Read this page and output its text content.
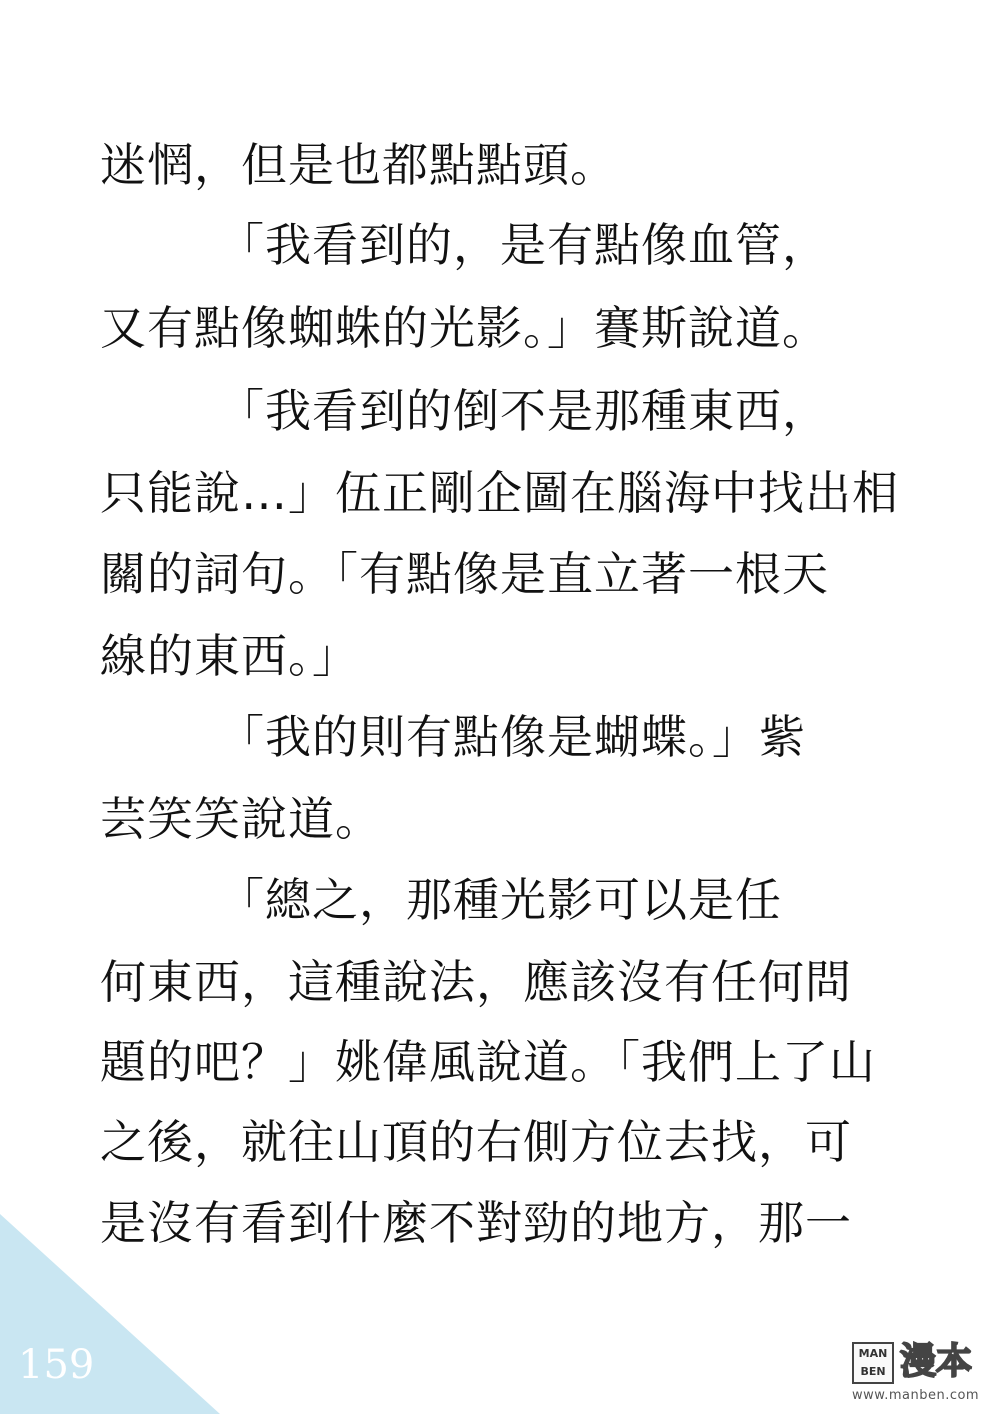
迷惘，但是也都點點頭。
　　　「我看到的，是有點像血管，
又有點像蜘蛛的光影。」賽斯說道。
　　　「我看到的倒不是那種東西，
只能說…」伍正剛企圖在腦海中找出相
關的詞句。「有點像是直立著一根天
線的東西。」
　　　「我的則有點像是蝴蝶。」紫
芸笑笑說道。
　　　「總之，那種光影可以是任
何東西，這種說法，應該沒有任何問
題的吧？」姚偉風說道。「我們上了山
之後，就往山頂的右側方位去找，可
是沒有看到什麼不對勁的地方，那一
159	MAN
BEN 漫本
www.manben.com
